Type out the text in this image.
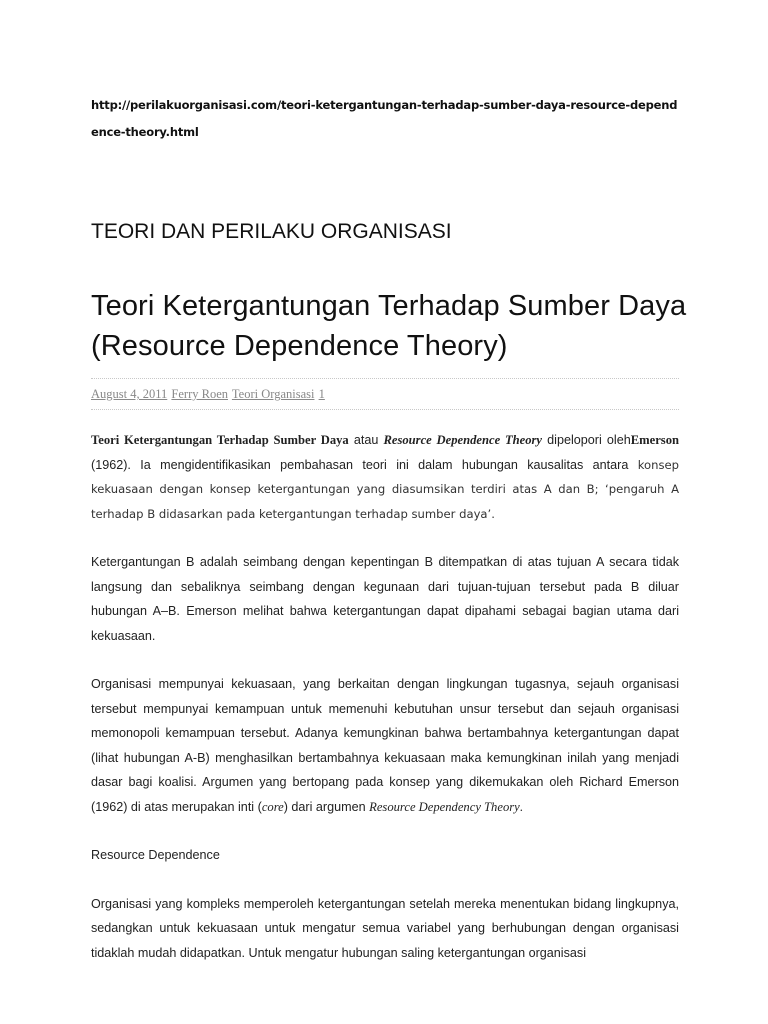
http://perilakuorganisasi.com/teori-ketergantungan-terhadap-sumber-daya-resource-dependence-theory.html
TEORI DAN PERILAKU ORGANISASI
Teori Ketergantungan Terhadap Sumber Daya (Resource Dependence Theory)
August 4, 2011 Ferry Roen Teori Organisasi 1

Teori Ketergantungan Terhadap Sumber Daya atau Resource Dependence Theory dipelopori olehEmerson (1962). Ia mengidentifikasikan pembahasan teori ini dalam hubungan kausalitas antara konsep kekuasaan dengan konsep ketergantungan yang diasumsikan terdiri atas A dan B; ‘pengaruh A terhadap B didasarkan pada ketergantungan terhadap sumber daya’.

Ketergantungan B adalah seimbang dengan kepentingan B ditempatkan di atas tujuan A secara tidak langsung dan sebaliknya seimbang dengan kegunaan dari tujuan-tujuan tersebut pada B diluar hubungan A–B. Emerson melihat bahwa ketergantungan dapat dipahami sebagai bagian utama dari kekuasaan.

Organisasi mempunyai kekuasaan, yang berkaitan dengan lingkungan tugasnya, sejauh organisasi tersebut mempunyai kemampuan untuk memenuhi kebutuhan unsur tersebut dan sejauh organisasi memonopoli kemampuan tersebut. Adanya kemungkinan bahwa bertambahnya ketergantungan dapat (lihat hubungan A-B) menghasilkan bertambahnya kekuasaan maka kemungkinan inilah yang menjadi dasar bagi koalisi. Argumen yang bertopang pada konsep yang dikemukakan oleh Richard Emerson (1962) di atas merupakan inti (core) dari argumen Resource Dependency Theory.

Resource Dependence

Organisasi yang kompleks memperoleh ketergantungan setelah mereka menentukan bidang lingkupnya, sedangkan untuk kekuasaan untuk mengatur semua variabel yang berhubungan dengan organisasi tidaklah mudah didapatkan. Untuk mengatur hubungan saling ketergantungan organisasi
